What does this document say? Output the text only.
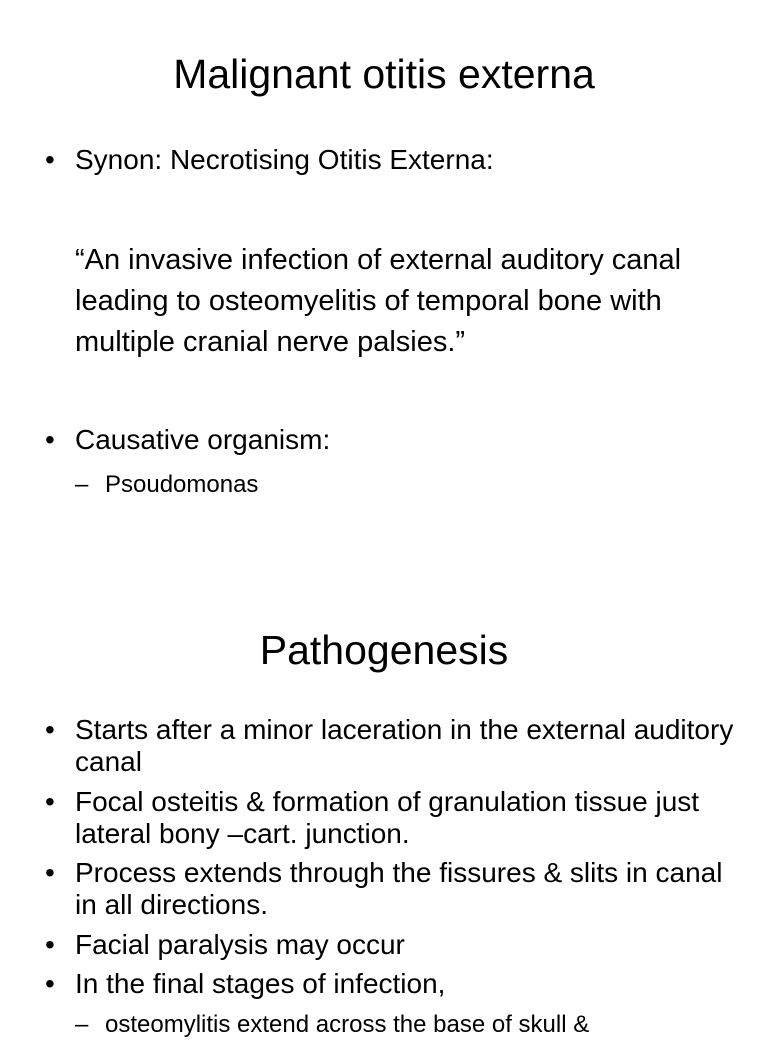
Malignant otitis externa

• Synon: Necrotising Otitis Externa:

“An invasive infection of external auditory canal leading to osteomyelitis of temporal bone with multiple cranial nerve palsies.”

• Causative organism:

– Psoudomonas

Pathogenesis

• Starts after a minor laceration in the external auditory canal

• Focal osteitis & formation of granulation tissue just lateral bony –cart. junction.

• Process extends through the fissures & slits in canal in all directions.

• Facial paralysis may occur

• In the final stages of infection,

– osteomylitis extend across the base of skull &
